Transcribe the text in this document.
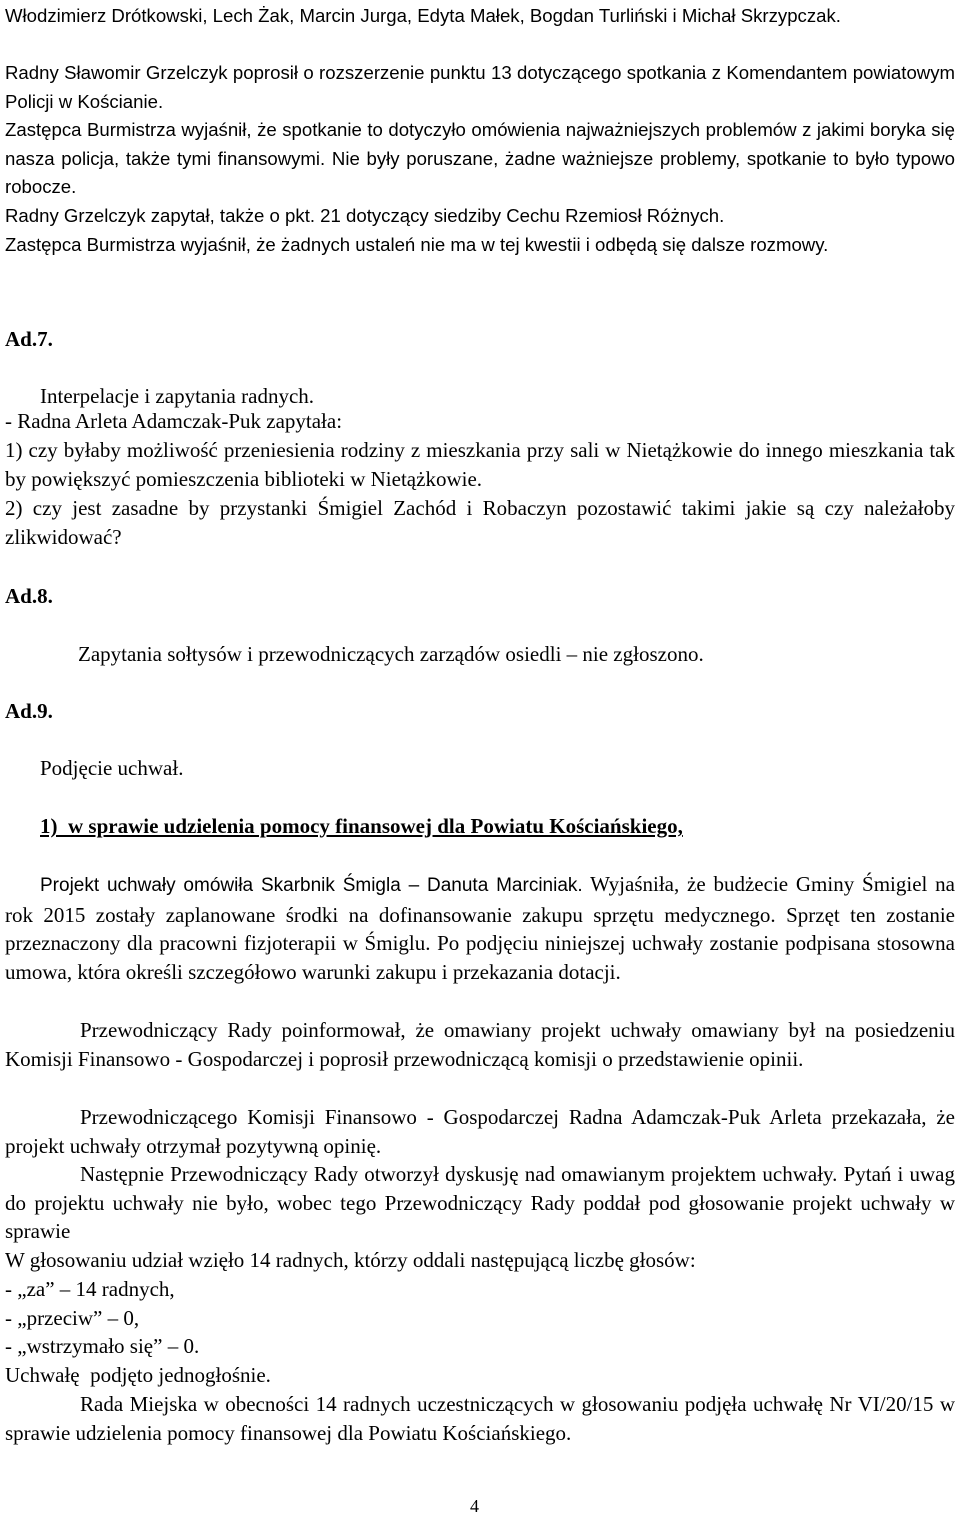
Włodzimierz Drótkowski, Lech Żak, Marcin Jurga, Edyta Małek, Bogdan Turliński i Michał Skrzypczak.

Radny Sławomir Grzelczyk poprosił o rozszerzenie punktu 13 dotyczącego spotkania z Komendantem powiatowym Policji w Kościanie.

Zastępca Burmistrza wyjaśnił, że spotkanie to dotyczyło omówienia najważniejszych problemów z jakimi boryka się nasza policja, także tymi finansowymi. Nie były poruszane, żadne ważniejsze problemy, spotkanie to było typowo robocze.

Radny Grzelczyk zapytał, także o pkt. 21 dotyczący siedziby Cechu Rzemiosł Różnych.

Zastępca Burmistrza wyjaśnił, że żadnych ustaleń nie ma w tej kwestii i odbędą się dalsze rozmowy.

Ad.7.
Interpelacje i zapytania radnych.
- Radna Arleta Adamczak-Puk zapytała:

1) czy byłaby możliwość przeniesienia rodziny z mieszkania przy sali w Nietążkowie do innego mieszkania tak by powiększyć pomieszczenia biblioteki w Nietążkowie.

2) czy jest zasadne by przystanki Śmigiel Zachód i Robaczyn pozostawić takimi jakie są czy należałoby zlikwidować?

Ad.8.
Zapytania sołtysów i przewodniczących zarządów osiedli – nie zgłoszono.
Ad.9.
Podjęcie uchwał.
1)  w sprawie udzielenia pomocy finansowej dla Powiatu Kościańskiego,

Projekt uchwały omówiła Skarbnik Śmigla – Danuta Marciniak. Wyjaśniła, że budżecie Gminy Śmigiel na rok 2015 zostały zaplanowane środki na dofinansowanie zakupu sprzętu medycznego. Sprzęt ten zostanie przeznaczony dla pracowni fizjoterapii w Śmiglu. Po podjęciu niniejszej uchwały zostanie podpisana stosowna umowa, która określi szczegółowo warunki zakupu i przekazania dotacji.

Przewodniczący Rady poinformował, że omawiany projekt uchwały omawiany był na posiedzeniu Komisji Finansowo - Gospodarczej i poprosił przewodniczącą komisji o przedstawienie opinii.

Przewodniczącego Komisji Finansowo - Gospodarczej Radna Adamczak-Puk Arleta przekazała, że projekt uchwały otrzymał pozytywną opinię.

Następnie Przewodniczący Rady otworzył dyskusję nad omawianym projektem uchwały. Pytań i uwag do projektu uchwały nie było, wobec tego Przewodniczący Rady poddał pod głosowanie projekt uchwały w sprawie

W głosowaniu udział wzięło 14 radnych, którzy oddali następującą liczbę głosów:
- „za” – 14 radnych,
- „przeciw” – 0,
- „wstrzymało się” – 0.
Uchwałę  podjęto jednogłośnie.

Rada Miejska w obecności 14 radnych uczestniczących w głosowaniu podjęła uchwałę Nr VI/20/15 w sprawie udzielenia pomocy finansowej dla Powiatu Kościańskiego.

4
